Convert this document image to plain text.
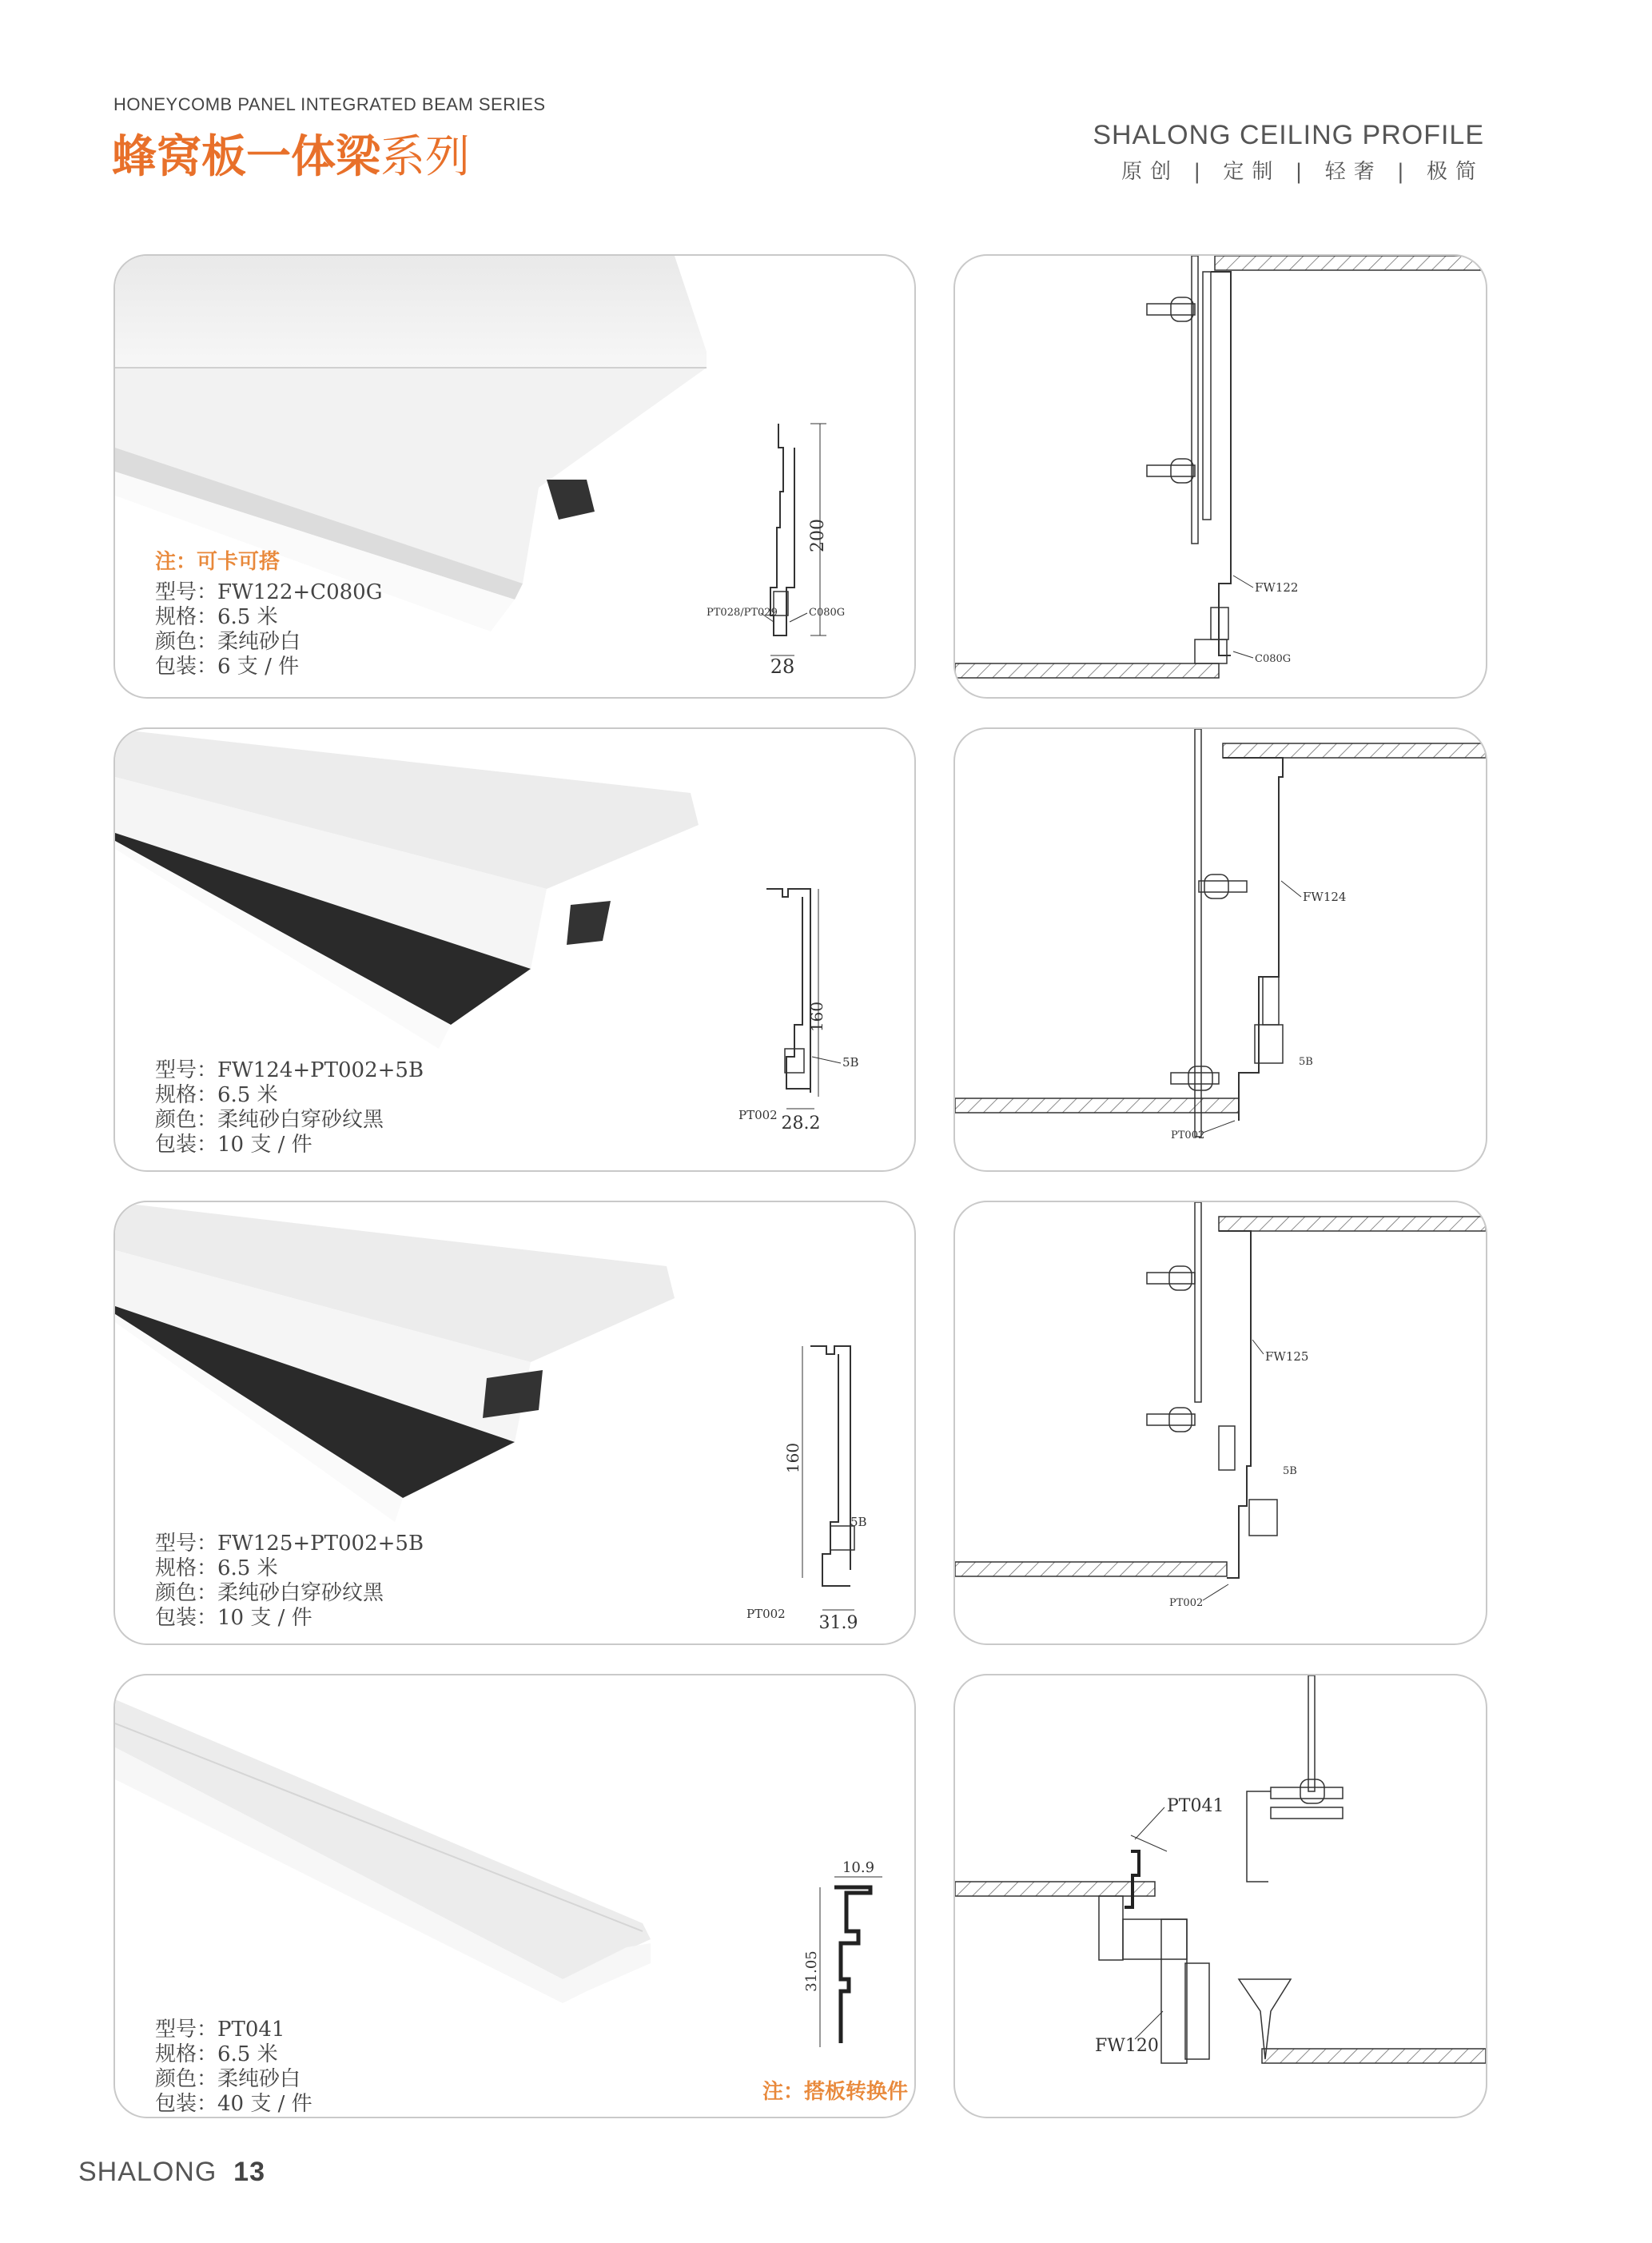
HONEYCOMB PANEL INTEGRATED BEAM SERIES
蜂窝板一体梁系列	SHALONG CEILING PROFILE
原创 | 定制 | 轻奢 | 极简
注：可卡可搭
型号：FW122+C080G
规格：6.5 米
颜色：柔纯砂白
包装：6 支 / 件
200
28
PT028/PT029	C080G
FW122
C080G
型号：FW124+PT002+5B
规格：6.5 米
颜色：柔纯砂白穿砂纹黑
包装：10 支 / 件
160
28.2
PT002
5B
FW124
5B
PT002
型号：FW125+PT002+5B
规格：6.5 米
颜色：柔纯砂白穿砂纹黑
包装：10 支 / 件
160
31.9
PT002
5B
FW125
5B
PT002
型号：PT041
规格：6.5 米
颜色：柔纯砂白
包装：40 支 / 件
10.9
31.05
注：搭板转换件
PT041
FW120
SHALONG 13
